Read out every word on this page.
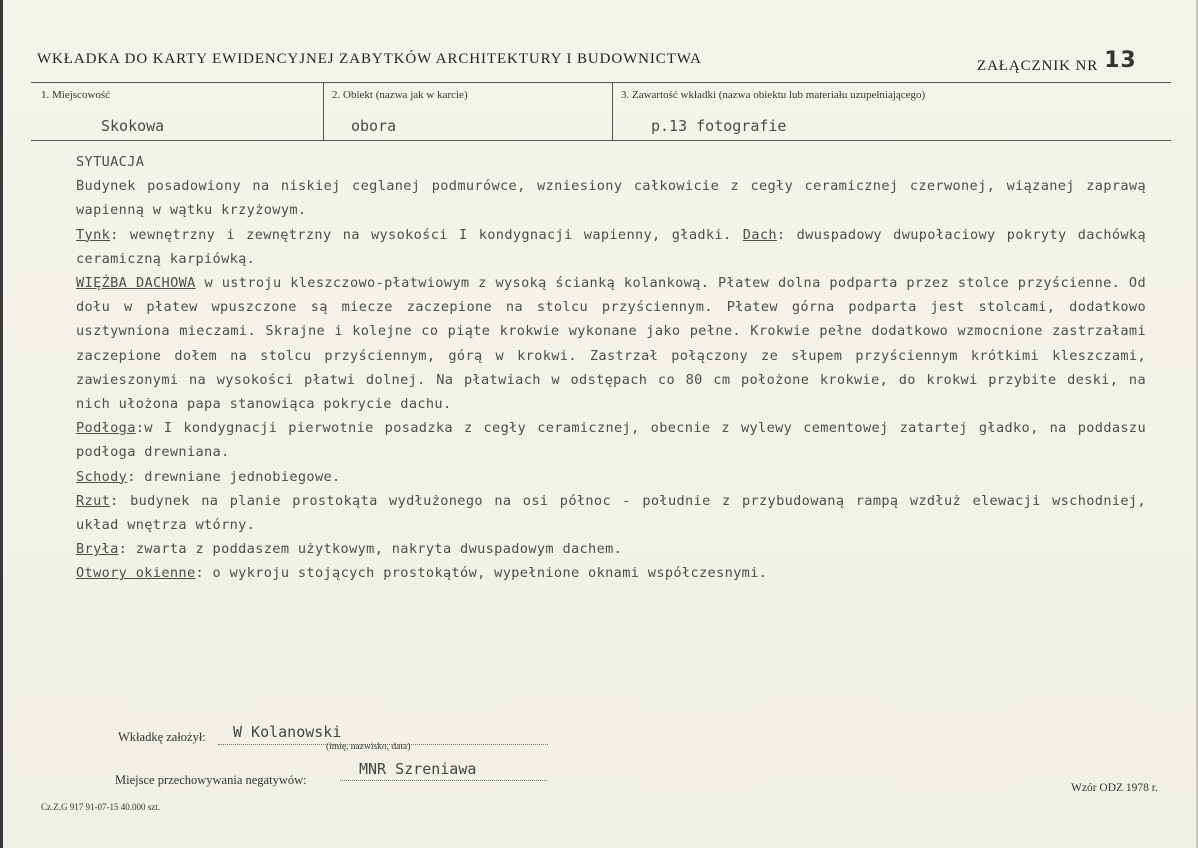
WKŁADKA DO KARTY EWIDENCYJNEJ ZABYTKÓW ARCHITEKTURY I BUDOWNICTWA	ZAŁĄCZNIK NR 13
1. Miejscowość
Skokowa
2. Obiekt (nazwa jak w karcie)
obora
3. Zawartość wkładki (nazwa obiektu lub materiału uzupełniającego)
p.13 fotografie

SYTUACJA

Budynek posadowiony na niskiej ceglanej podmurówce, wzniesiony całkowicie z cegły ceramicznej czerwonej, wiązanej zaprawą wapienną w wątku krzyżowym.

Tynk: wewnętrzny i zewnętrzny na wysokości I kondygnacji wapienny, gładki. Dach: dwuspadowy dwupołaciowy pokryty dachówką ceramiczną karpiówką.

WIĘŹBA DACHOWA w ustroju kleszczowo-płatwiowym z wysoką ścianką kolankową. Płatew dolna podparta przez stolce przyścienne. Od dołu w płatew wpuszczone są miecze zaczepione na stolcu przyściennym. Płatew górna podparta jest stolcami, dodatkowo usztywniona mieczami. Skrajne i kolejne co piąte krokwie wykonane jako pełne. Krokwie pełne dodatkowo wzmocnione zastrzałami zaczepione dołem na stolcu przyściennym, górą w krokwi. Zastrzał połączony ze słupem przyściennym krótkimi kleszczami, zawieszonymi na wysokości płatwi dolnej. Na płatwiach w odstępach co 80 cm położone krokwie, do krokwi przybite deski, na nich ułożona papa stanowiąca pokrycie dachu.

Podłoga:w I kondygnacji pierwotnie posadzka z cegły ceramicznej, obecnie z wylewy cementowej zatartej gładko, na poddaszu podłoga drewniana.

Schody: drewniane jednobiegowe.

Rzut: budynek na planie prostokąta wydłużonego na osi północ - południe z przybudowaną rampą wzdłuż elewacji wschodniej, układ wnętrza wtórny.

Bryła: zwarta z poddaszem użytkowym, nakryta dwuspadowym dachem.

Otwory okienne: o wykroju stojących prostokątów, wypełnione oknami współczesnymi.

Wkładkę założył: W Kolanowski
(imię, nazwisko, data)
Miejsce przechowywania negatywów:
MNR Szreniawa
Wzór ODZ 1978 r.
Cz.Z.G 917 91-07-15 40.000 szt.
